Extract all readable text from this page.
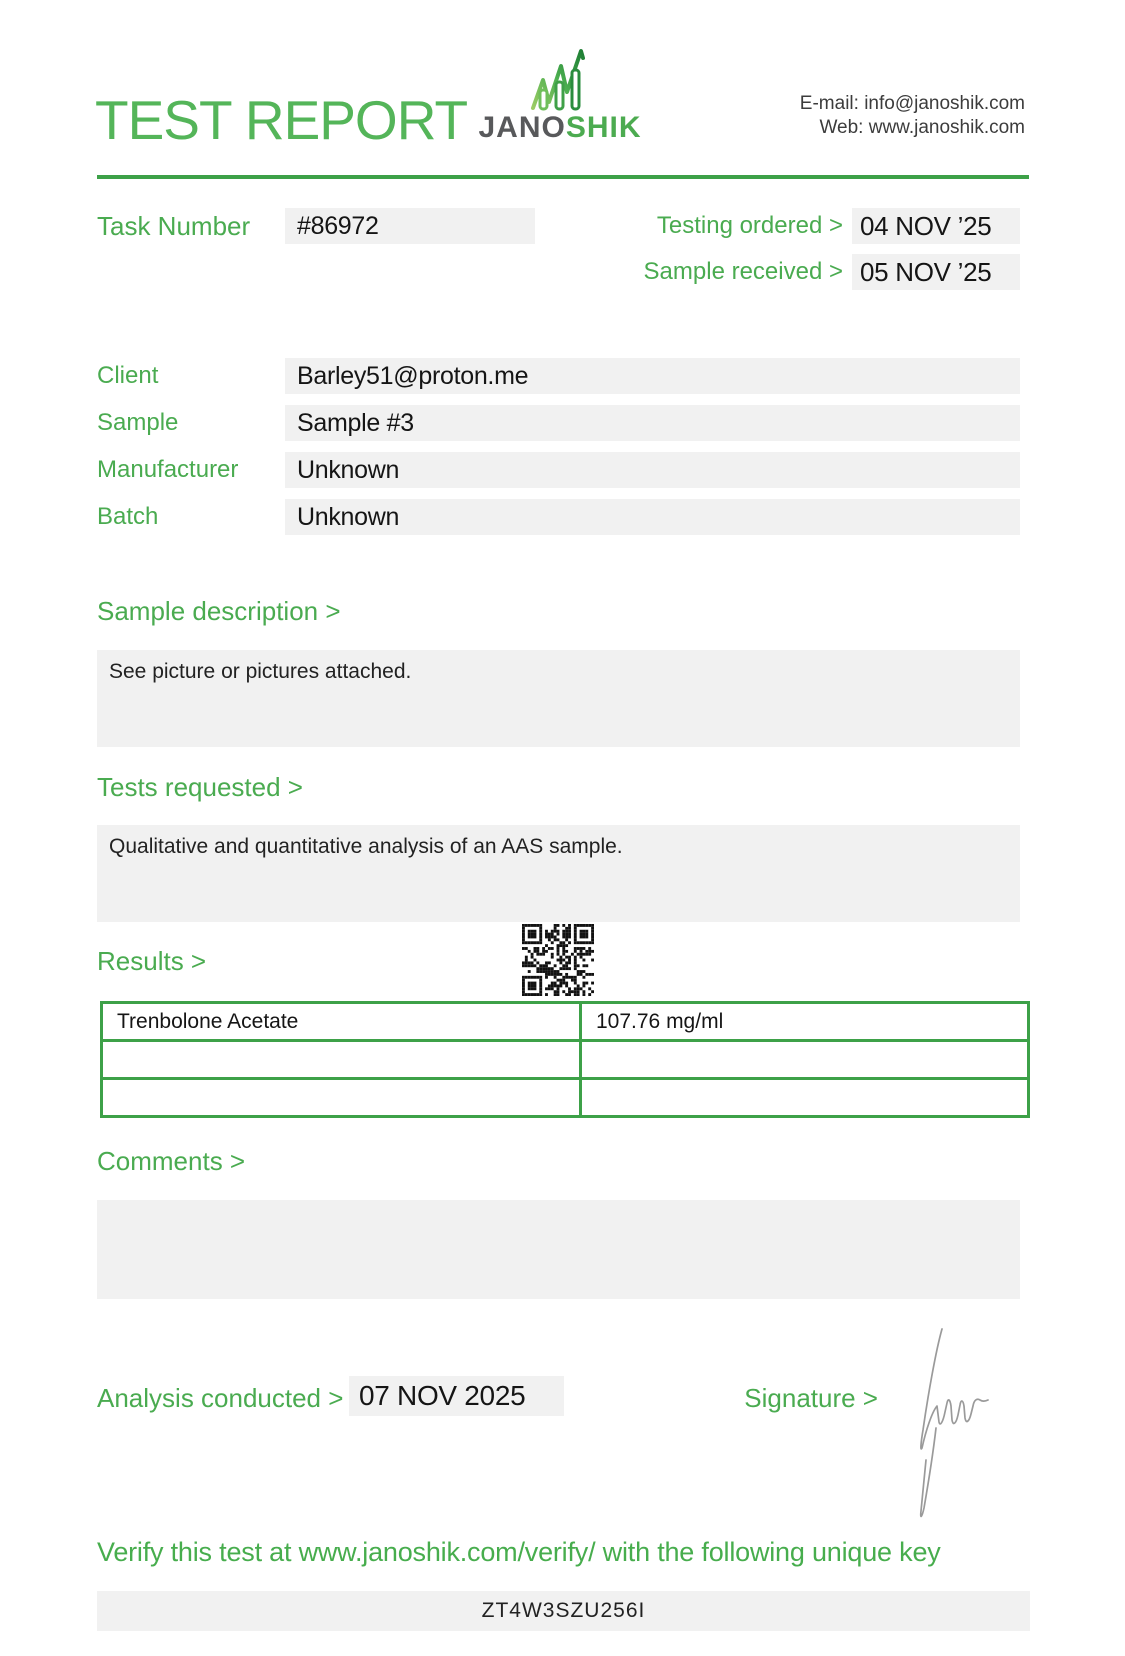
TEST REPORT JANOSHIK
E-mail: info@janoshik.com
Web: www.janoshik.com
Task Number	#86972	Testing ordered > 04 NOV ’25
Sample received > 05 NOV ’25
Client	Barley51@proton.me
Sample	Sample #3
Manufacturer	Unknown
Batch	Unknown
Sample description >
See picture or pictures attached.
Tests requested >
Qualitative and quantitative analysis of an AAS sample.
Results >
Trenbolone Acetate	107.76 mg/ml

Comments >
Analysis conducted > 07 NOV 2025	Signature >
Verify this test at www.janoshik.com/verify/ with the following unique key
ZT4W3SZU256I
